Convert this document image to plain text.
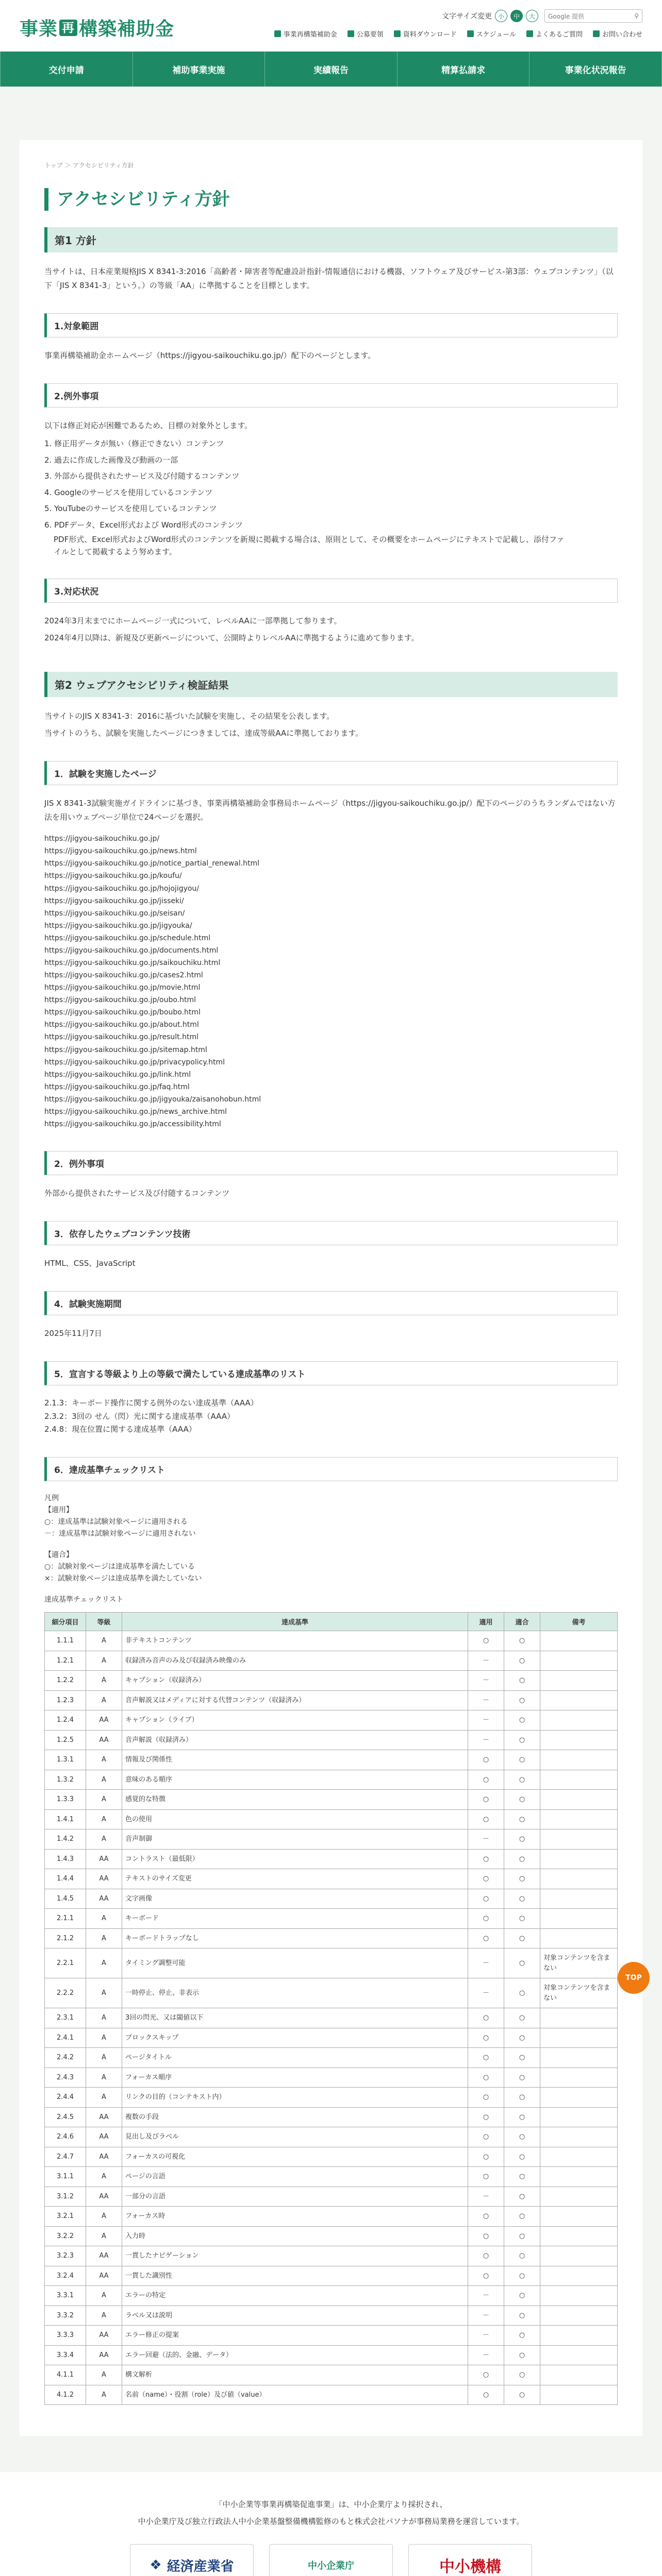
事業 再 構築補助金
文字サイズ変更 小	中	大	Google 提供	⚲
事業再構築補助金	公募要領	資料ダウンロード	スケジュール	よくあるご質問	お問い合わせ
交付申請	補助事業実施	実績報告	精算払請求	事業化状況報告
トップ ＞ アクセシビリティ方針
アクセシビリティ方針
第1 方針

当サイトは、日本産業規格JIS X 8341-3:2016「高齢者・障害者等配慮設計指針-情報通信における機器、ソフトウェア及びサービス-第3部：ウェブコンテンツ」（以下「JIS X 8341-3」という。）の等級「AA」に準拠することを目標とします。

1.対象範囲

事業再構築補助金ホームページ（https://jigyou-saikouchiku.go.jp/）配下のページとします。

2.例外事項

以下は修正対応が困難であるため、目標の対象外とします。

1. 修正用データが無い（修正できない）コンテンツ
2. 過去に作成した画像及び動画の一部
3. 外部から提供されたサービス及び付随するコンテンツ
4. Googleのサービスを使用しているコンテンツ
5. YouTubeのサービスを使用しているコンテンツ
6. PDFデータ、Excel形式および Word形式のコンテンツ

PDF形式、Excel形式およびWord形式のコンテンツを新規に掲載する場合は、原則として、その概要をホームページにテキストで記載し、添付ファ
イルとして掲載するよう努めます。

3.対応状況

2024年3月末までにホームページ一式について、レベルAAに一部準拠して参ります。

2024年4月以降は、新規及び更新ページについて、公開時よりレベルAAに準拠するように進めて参ります。

第2 ウェブアクセシビリティ検証結果

当サイトのJIS X 8341-3：2016に基づいた試験を実施し、その結果を公表します。

当サイトのうち、試験を実施したページにつきましては、達成等級AAに準拠しております。

1．試験を実施したページ

JIS X 8341-3試験実施ガイドラインに基づき、事業再構築補助金事務局ホームページ（https://jigyou-saikouchiku.go.jp/）配下のページのうちランダムではない方法を用いウェブページ単位で24ページを選択。

https://jigyou-saikouchiku.go.jp/
https://jigyou-saikouchiku.go.jp/news.html
https://jigyou-saikouchiku.go.jp/notice_partial_renewal.html
https://jigyou-saikouchiku.go.jp/koufu/
https://jigyou-saikouchiku.go.jp/hojojigyou/
https://jigyou-saikouchiku.go.jp/jisseki/
https://jigyou-saikouchiku.go.jp/seisan/
https://jigyou-saikouchiku.go.jp/jigyouka/
https://jigyou-saikouchiku.go.jp/schedule.html
https://jigyou-saikouchiku.go.jp/documents.html
https://jigyou-saikouchiku.go.jp/saikouchiku.html
https://jigyou-saikouchiku.go.jp/cases2.html
https://jigyou-saikouchiku.go.jp/movie.html
https://jigyou-saikouchiku.go.jp/oubo.html
https://jigyou-saikouchiku.go.jp/boubo.html
https://jigyou-saikouchiku.go.jp/about.html
https://jigyou-saikouchiku.go.jp/result.html
https://jigyou-saikouchiku.go.jp/sitemap.html
https://jigyou-saikouchiku.go.jp/privacypolicy.html
https://jigyou-saikouchiku.go.jp/link.html
https://jigyou-saikouchiku.go.jp/faq.html
https://jigyou-saikouchiku.go.jp/jigyouka/zaisanohobun.html
https://jigyou-saikouchiku.go.jp/news_archive.html
https://jigyou-saikouchiku.go.jp/accessibility.html
2．例外事項

外部から提供されたサービス及び付随するコンテンツ

3．依存したウェブコンテンツ技術

HTML、CSS、JavaScript

4．試験実施期間

2025年11月7日

5．宣言する等級より上の等級で満たしている達成基準のリスト

2.1.3：キーボード操作に関する例外のない達成基準（AAA）

2.3.2：3回の せん（閃）光に関する達成基準（AAA）

2.4.8：現在位置に関する達成基準（AAA）

6．達成基準チェックリスト
凡例
【適用】
○：達成基準は試験対象ページに適用される
－：達成基準は試験対象ページに適用されない
【適合】
○：試験対象ページは達成基準を満たしている
×：試験対象ページは達成基準を満たしていない
達成基準チェックリスト
細分項目	等級	達成基準	適用	適合	備考
1.1.1	A	非テキストコンテンツ	○	○	
1.2.1	A	収録済み音声のみ及び収録済み映像のみ	－	○	
1.2.2	A	キャプション（収録済み）	－	○	
1.2.3	A	音声解説又はメディアに対する代替コンテンツ（収録済み）	－	○	
1.2.4	AA	キャプション（ライブ）	－	○	
1.2.5	AA	音声解説（収録済み）	－	○	
1.3.1	A	情報及び関係性	○	○	
1.3.2	A	意味のある順序	○	○	
1.3.3	A	感覚的な特徴	○	○	
1.4.1	A	色の使用	○	○	
1.4.2	A	音声制御	－	○	
1.4.3	AA	コントラスト（最低限）	○	○	
1.4.4	AA	テキストのサイズ変更	○	○	
1.4.5	AA	文字画像	○	○	
2.1.1	A	キーボード	○	○	
2.1.2	A	キーボードトラップなし	○	○	
2.2.1	A	タイミング調整可能	－	○	対象コンテンツを含まない
2.2.2	A	一時停止、停止、非表示	－	○	対象コンテンツを含まない
2.3.1	A	3回の閃光、又は閾値以下	○	○	
2.4.1	A	ブロックスキップ	○	○	
2.4.2	A	ページタイトル	○	○	
2.4.3	A	フォーカス順序	○	○	
2.4.4	A	リンクの目的（コンテキスト内）	○	○	
2.4.5	AA	複数の手段	○	○	
2.4.6	AA	見出し及びラベル	○	○	
2.4.7	AA	フォーカスの可視化	○	○	
3.1.1	A	ページの言語	○	○	
3.1.2	AA	一部分の言語	－	○	
3.2.1	A	フォーカス時	○	○	
3.2.2	A	入力時	○	○	
3.2.3	AA	一貫したナビゲーション	○	○	
3.2.4	AA	一貫した識別性	○	○	
3.3.1	A	エラーの特定	－	○	
3.3.2	A	ラベル又は説明	－	○	
3.3.3	AA	エラー修正の提案	－	○	
3.3.4	AA	エラー回避（法的、金融、データ）	－	○	
4.1.1	A	構文解析	○	○	
4.1.2	A	名前（name）・役割（role）及び値（value）	○	○	
TOP

「中小企業等事業再構築促進事業」は、中小企業庁より採択され、

中小企業庁及び独立行政法人中小企業基盤整備機構監修のもと株式会社パソナが事務局業務を運営しています。

❖ 経済産業省	中小企業庁	中小機構
